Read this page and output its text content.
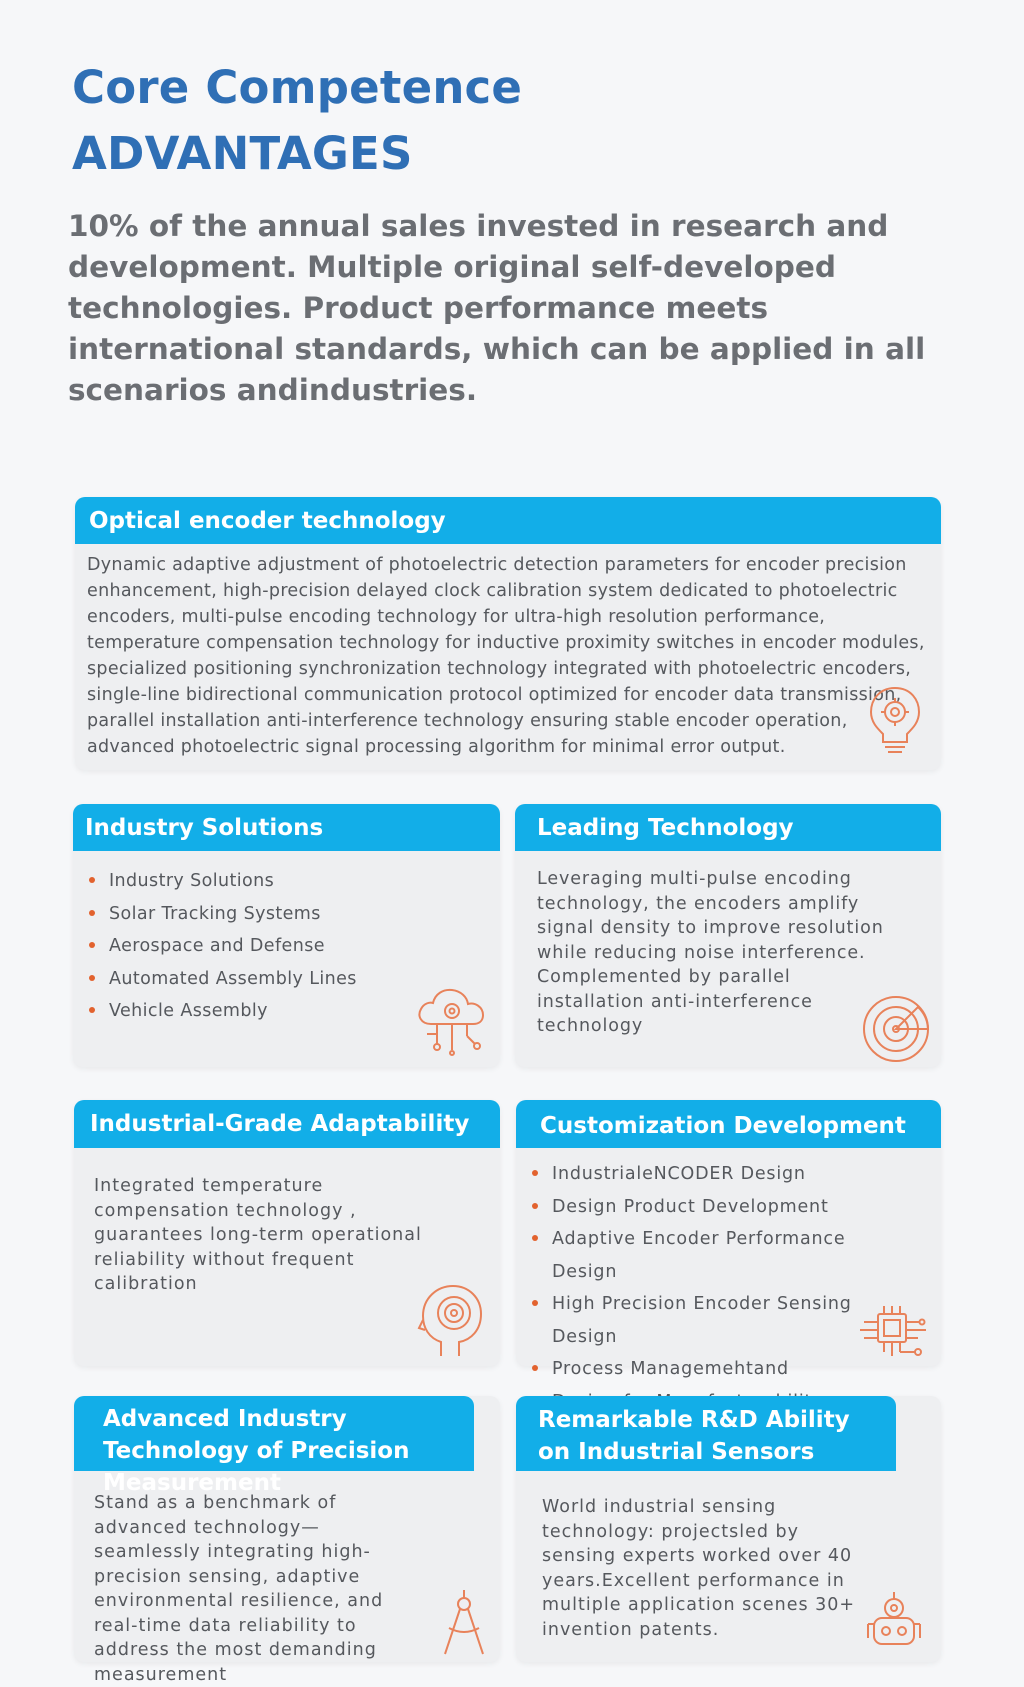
Core Competence
ADVANTAGES

10% of the annual sales invested in research and development. Multiple original self-developed technologies. Product performance meets international standards, which can be applied in all scenarios andindustries.

Optical encoder technology

Dynamic adaptive adjustment of photoelectric detection parameters for encoder precision enhancement, high-precision delayed clock calibration system dedicated to photoelectric encoders, multi-pulse encoding technology for ultra-high resolution performance, temperature compensation technology for inductive proximity switches in encoder modules, specialized positioning synchronization technology integrated with photoelectric encoders, single-line bidirectional communication protocol optimized for encoder data transmission, parallel installation anti-interference technology ensuring stable encoder operation, advanced photoelectric signal processing algorithm for minimal error output.

Industry Solutions
Industry Solutions
Solar Tracking Systems
Aerospace and Defense
Automated Assembly Lines
Vehicle Assembly
Leading Technology

Leveraging multi-pulse encoding technology, the encoders amplify signal density to improve resolution while reducing noise interference. Complemented by parallel installation anti-interference technology

Industrial-Grade Adaptability

Integrated temperature compensation technology , guarantees long-term operational reliability without frequent calibration

Customization Development
IndustrialeNCODER Design
Design Product Development
Adaptive Encoder Performance Design
High Precision Encoder Sensing Design
Process Managemehtand
Advanced Industry Technology of Precision Measurement

Stand as a benchmark of advanced technology—seamlessly integrating high-precision sensing, adaptive environmental resilience, and real-time data reliability to address the most demanding measurement

Remarkable R&D Ability on Industrial Sensors

World industrial sensing technology: projectsled by sensing experts worked over 40 years.Excellent performance in multiple application scenes 30+ invention patents.
